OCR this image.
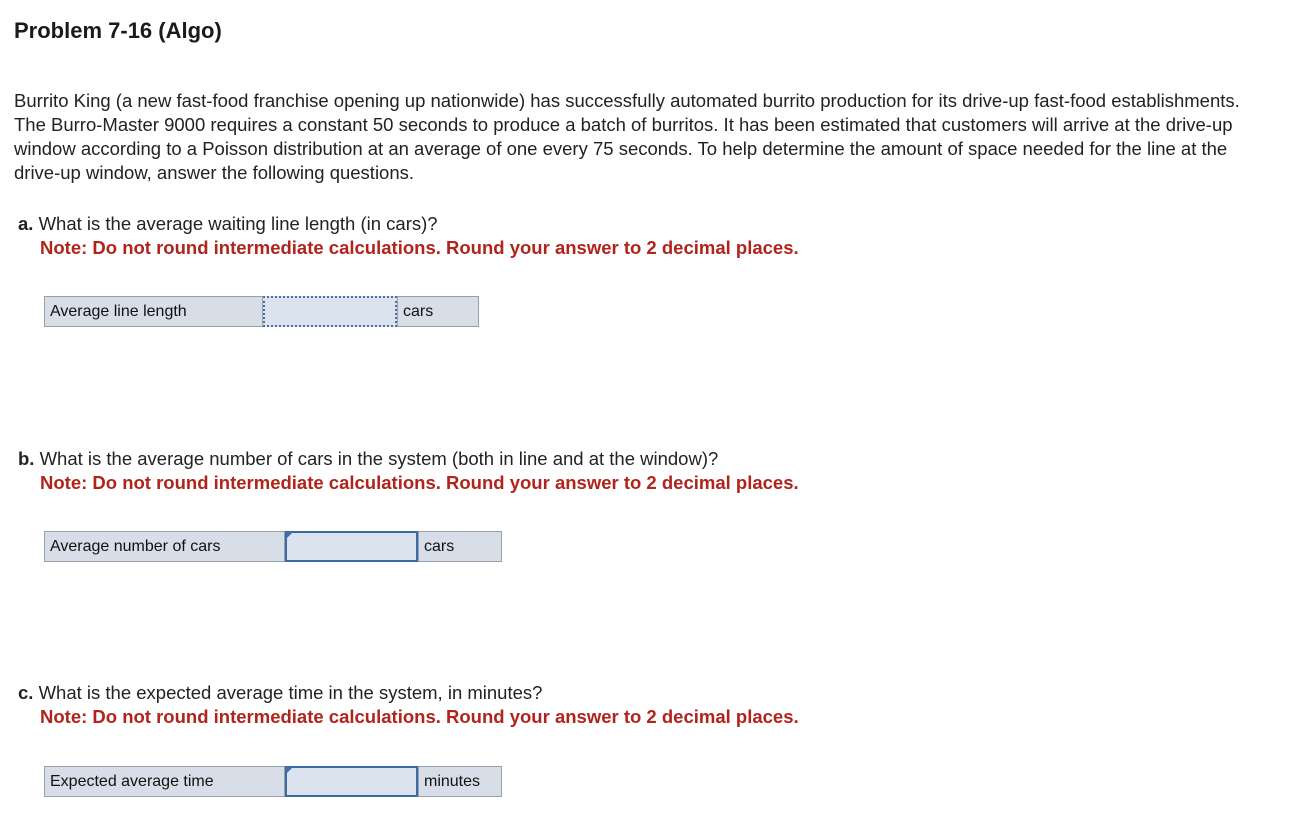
Problem 7-16 (Algo)
Burrito King (a new fast-food franchise opening up nationwide) has successfully automated burrito production for its drive-up fast-food establishments. The Burro-Master 9000 requires a constant 50 seconds to produce a batch of burritos. It has been estimated that customers will arrive at the drive-up window according to a Poisson distribution at an average of one every 75 seconds. To help determine the amount of space needed for the line at the drive-up window, answer the following questions.
a. What is the average waiting line length (in cars)?
Note: Do not round intermediate calculations. Round your answer to 2 decimal places.
Average line length	cars
b. What is the average number of cars in the system (both in line and at the window)?
Note: Do not round intermediate calculations. Round your answer to 2 decimal places.
Average number of cars	cars
c. What is the expected average time in the system, in minutes?
Note: Do not round intermediate calculations. Round your answer to 2 decimal places.
Expected average time	minutes
